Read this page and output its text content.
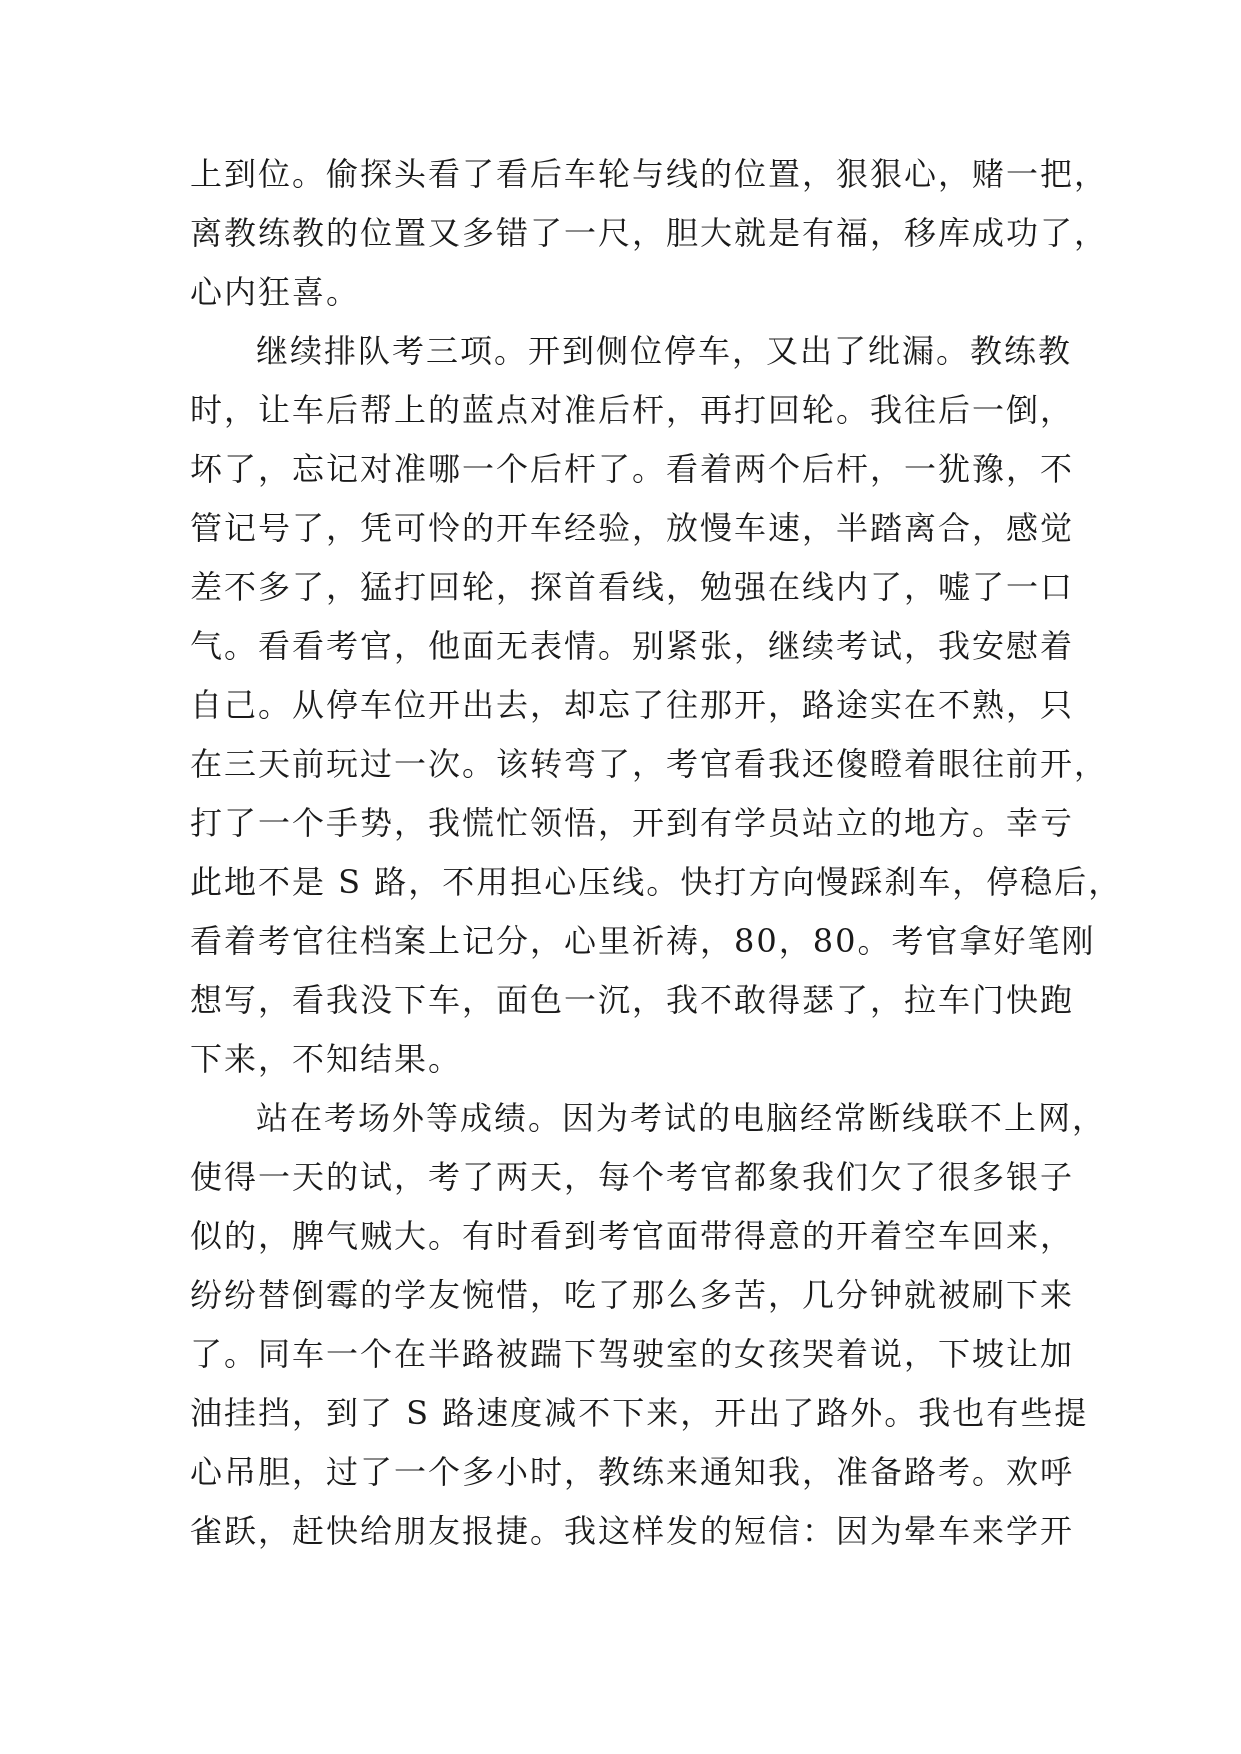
上到位。偷探头看了看后车轮与线的位置，狠狠心，赌一把，
离教练教的位置又多错了一尺，胆大就是有福，移库成功了，
心内狂喜。
继续排队考三项。开到侧位停车，又出了纰漏。教练教
时，让车后帮上的蓝点对准后杆，再打回轮。我往后一倒，
坏了，忘记对准哪一个后杆了。看着两个后杆，一犹豫，不
管记号了，凭可怜的开车经验，放慢车速，半踏离合，感觉
差不多了，猛打回轮，探首看线，勉强在线内了，嘘了一口
气。看看考官，他面无表情。别紧张，继续考试，我安慰着
自己。从停车位开出去，却忘了往那开，路途实在不熟，只
在三天前玩过一次。该转弯了，考官看我还傻瞪着眼往前开，
打了一个手势，我慌忙领悟，开到有学员站立的地方。幸亏
此地不是 S 路，不用担心压线。快打方向慢踩刹车，停稳后，
看着考官往档案上记分，心里祈祷，80，80。考官拿好笔刚
想写，看我没下车，面色一沉，我不敢得瑟了，拉车门快跑
下来，不知结果。
站在考场外等成绩。因为考试的电脑经常断线联不上网，
使得一天的试，考了两天，每个考官都象我们欠了很多银子
似的，脾气贼大。有时看到考官面带得意的开着空车回来，
纷纷替倒霉的学友惋惜，吃了那么多苦，几分钟就被刷下来
了。同车一个在半路被踹下驾驶室的女孩哭着说，下坡让加
油挂挡，到了 S 路速度减不下来，开出了路外。我也有些提
心吊胆，过了一个多小时，教练来通知我，准备路考。欢呼
雀跃，赶快给朋友报捷。我这样发的短信：因为晕车来学开
